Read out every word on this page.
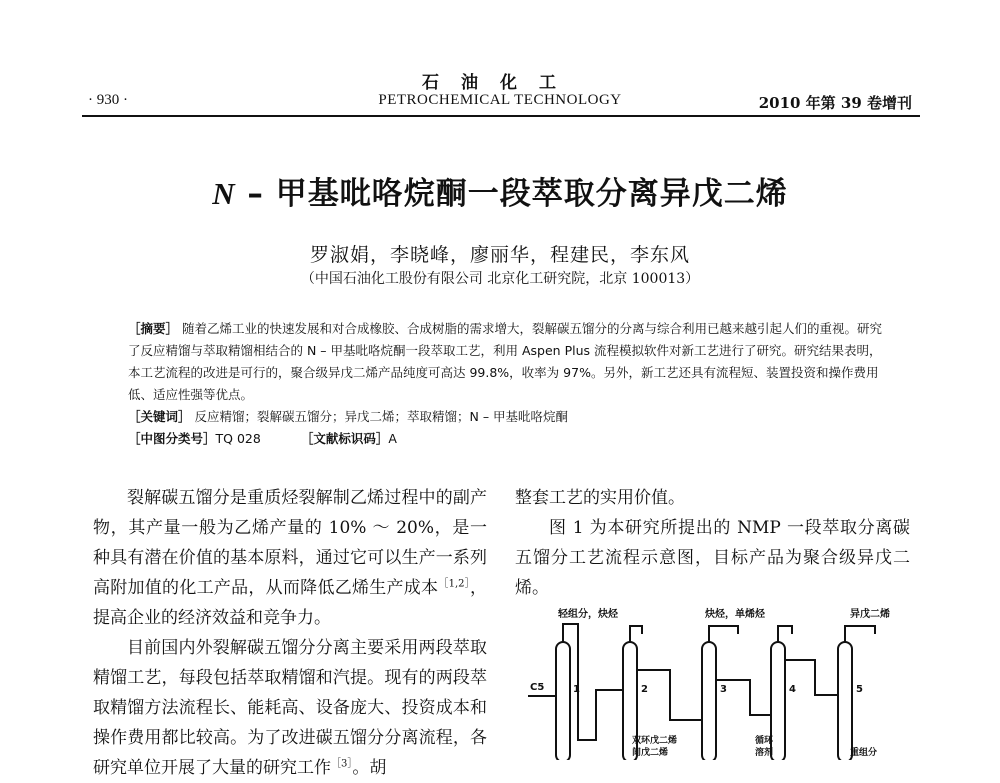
石油化工
· 930 ·	PETROCHEMICAL TECHNOLOGY	2010 年第 39 卷增刊
N – 甲基吡咯烷酮一段萃取分离异戊二烯
罗淑娟，李晓峰，廖丽华，程建民，李东风
（中国石油化工股份有限公司 北京化工研究院，北京 100013）

［摘要］ 随着乙烯工业的快速发展和对合成橡胶、合成树脂的需求增大，裂解碳五馏分的分离与综合利用已越来越引起人们的重视。研究了反应精馏与萃取精馏相结合的 N – 甲基吡咯烷酮一段萃取工艺，利用 Aspen Plus 流程模拟软件对新工艺进行了研究。研究结果表明，本工艺流程的改进是可行的，聚合级异戊二烯产品纯度可高达 99.8%，收率为 97%。另外，新工艺还具有流程短、装置投资和操作费用低、适应性强等优点。

［关键词］ 反应精馏；裂解碳五馏分；异戊二烯；萃取精馏；N – 甲基吡咯烷酮

［中图分类号］TQ 028	［文献标识码］A

裂解碳五馏分是重质烃裂解制乙烯过程中的副产物，其产量一般为乙烯产量的 10% ～ 20%，是一种具有潜在价值的基本原料，通过它可以生产一系列高附加值的化工产品，从而降低乙烯生产成本$^{[1,2]}$，提高企业的经济效益和竞争力。

目前国内外裂解碳五馏分分离主要采用两段萃取精馏工艺，每段包括萃取精馏和汽提。现有的两段萃取精馏方法流程长、能耗高、设备庞大、投资成本和操作费用都比较高。为了改进碳五馏分分离流程，各研究单位开展了大量的研究工作$^{[3]}$。胡

整套工艺的实用价值。

图 1 为本研究所提出的 NMP 一段萃取分离碳五馏分工艺流程示意图，目标产品为聚合级异戊二烯。

轻组分，炔烃	炔烃，单烯烃	异戊二烯
C5	1	2	3	4	5
双环戊二烯
间戊二烯
循环
溶剂	重组分
